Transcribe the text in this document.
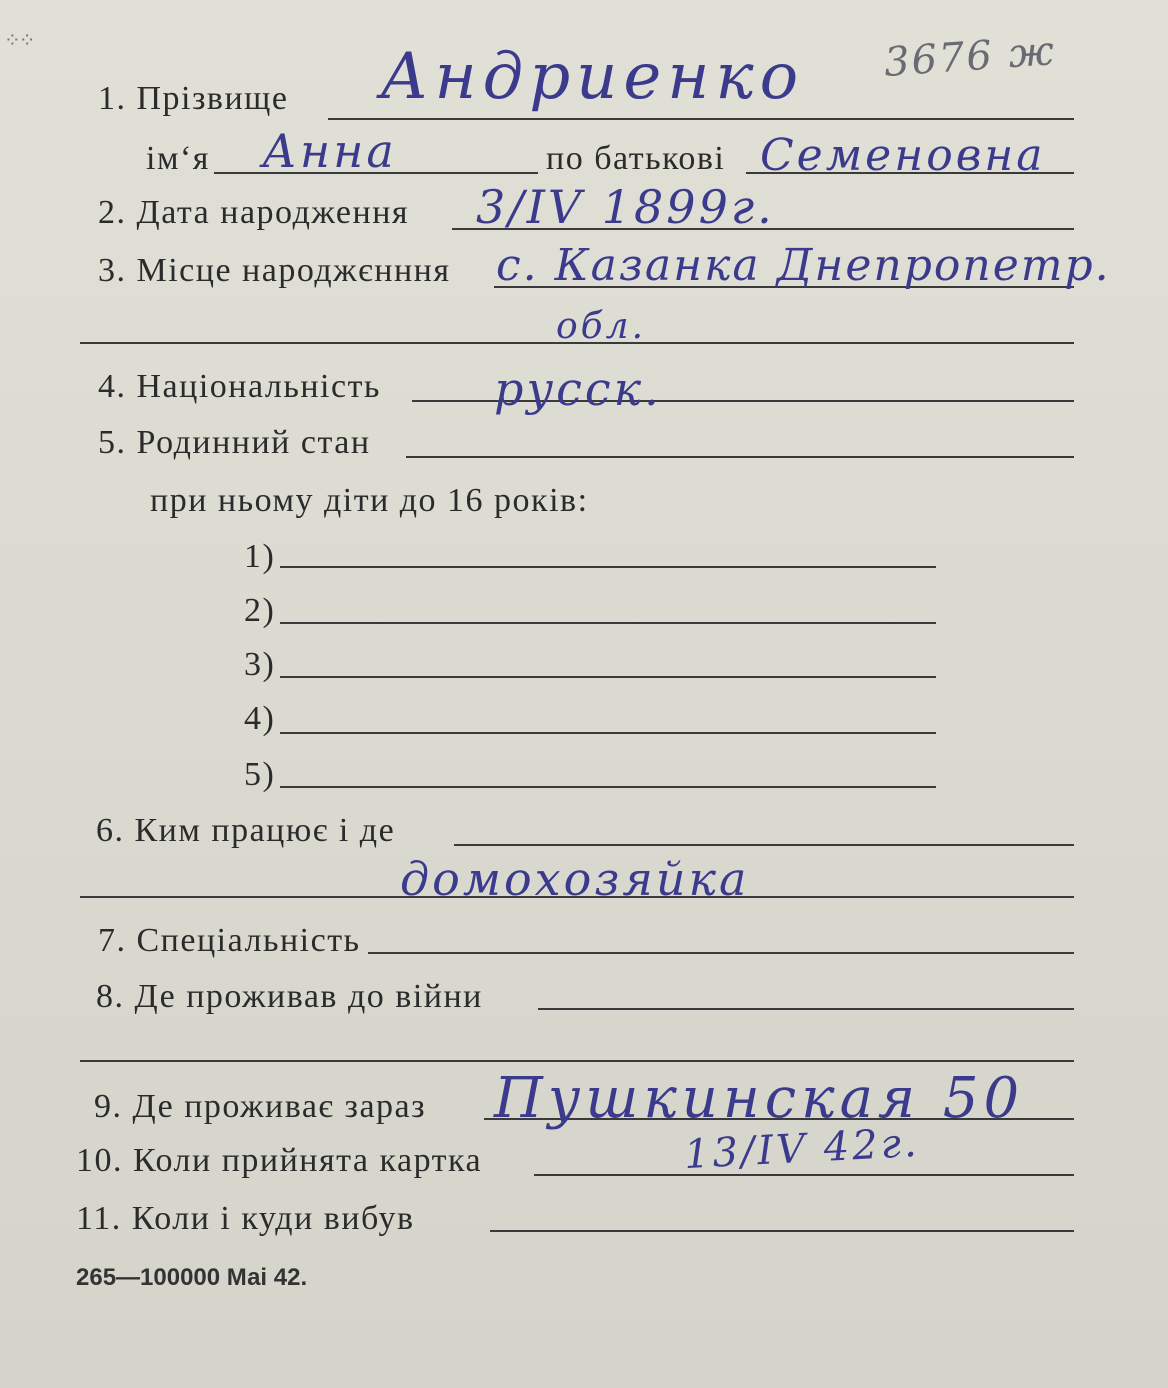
⁘⁘	3676 ж
1. Прізвище Андриенко
ім‘я Анна	по батькові Семеновна
2. Дата народження 3/IV 1899г.
3. Місце народжєнння с. Казанка Днепропетр.
обл.
4. Національність русск.
5. Родинний стан
при ньому діти до 16 років:
1)
2)
3)
4)
5)
6. Ким працює і де
домохозяйка
7. Спеціальність
8. Де проживав до війни
9. Де проживає зараз Пушкинская 50
10. Коли прийнята картка	13/IV 42г.
11. Коли і куди вибув
265—100000 Маі 42.
